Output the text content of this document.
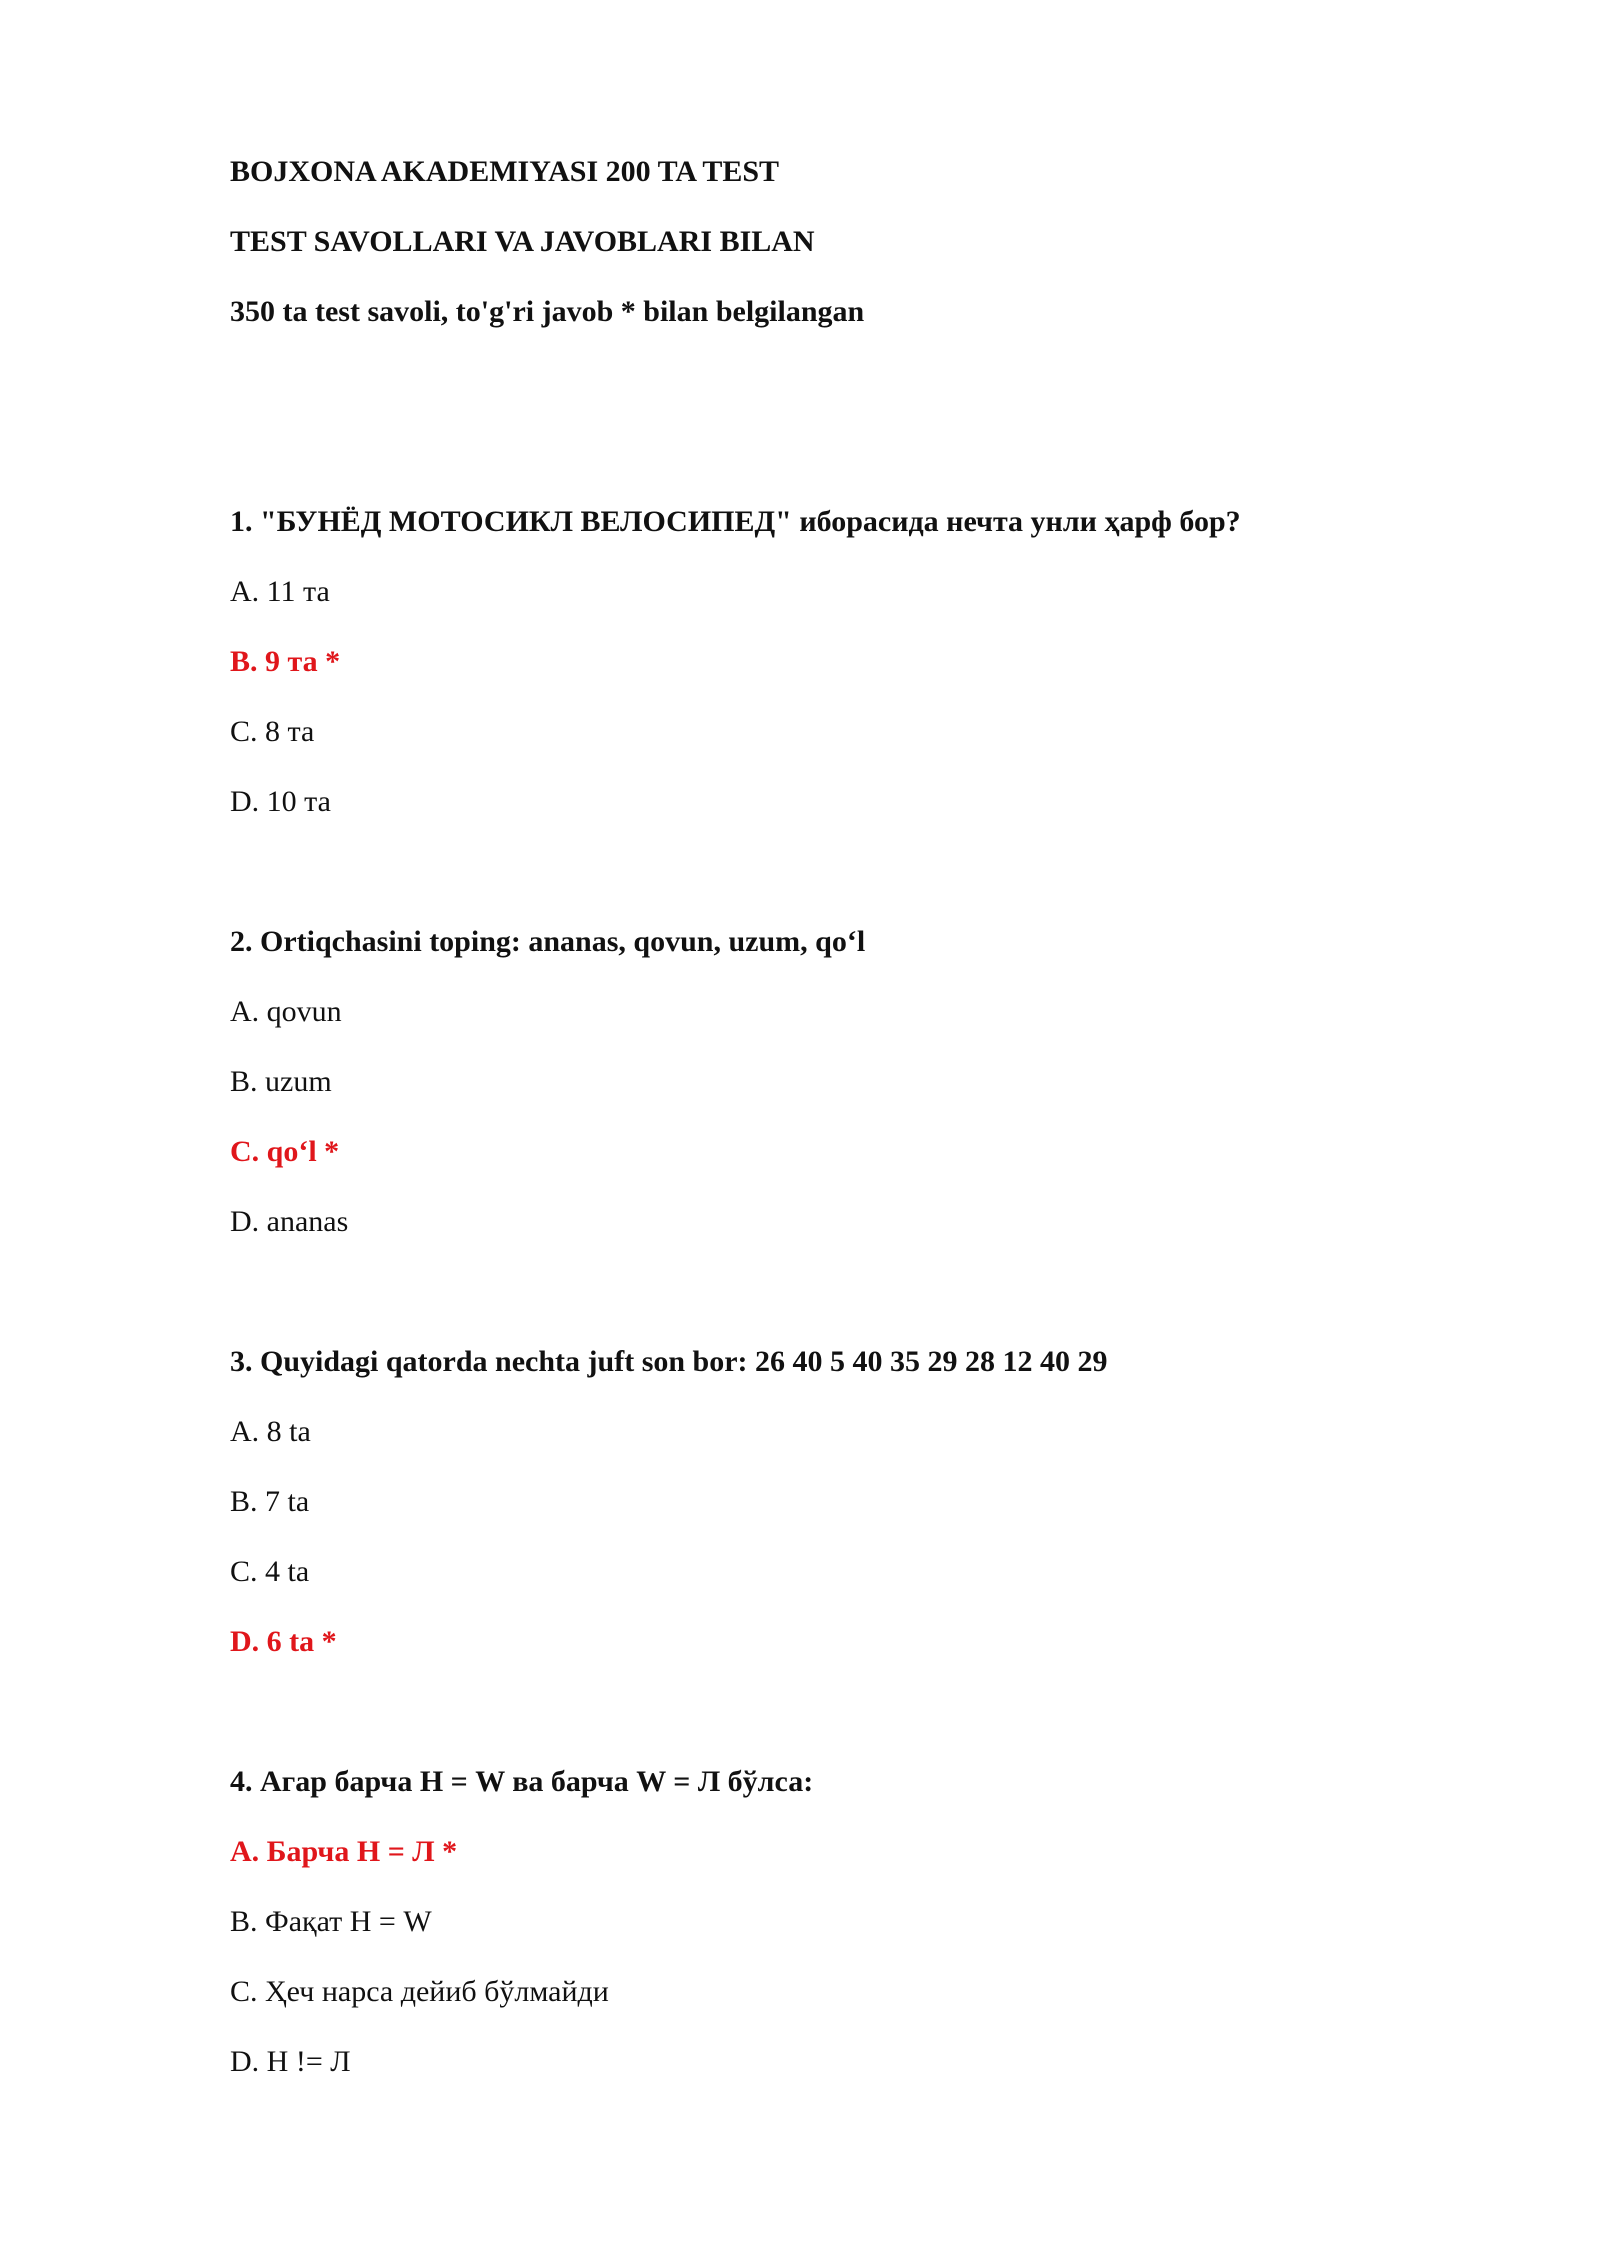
BOJXONA AKADEMIYASI 200 TA TEST
TEST SAVOLLARI VA JAVOBLARI BILAN
350 ta test savoli, to'g'ri javob * bilan belgilangan
1. "БУНЁД МОТОСИКЛ ВЕЛОСИПЕД" иборасида нечта унли ҳарф бор?
A. 11 та
B. 9 та *
C. 8 та
D. 10 та
2. Ortiqchasini toping: ananas, qovun, uzum, qo‘l
A. qovun
B. uzum
C. qo‘l *
D. ananas
3. Quyidagi qatorda nechta juft son bor: 26 40 5 40 35 29 28 12 40 29
A. 8 ta
B. 7 ta
C. 4 ta
D. 6 ta *
4. Агар барча Н = W ва барча W = Л бўлса:
A. Барча Н = Л *
B. Фақат Н = W
C. Ҳеч нарса дейиб бўлмайди
D. Н != Л
